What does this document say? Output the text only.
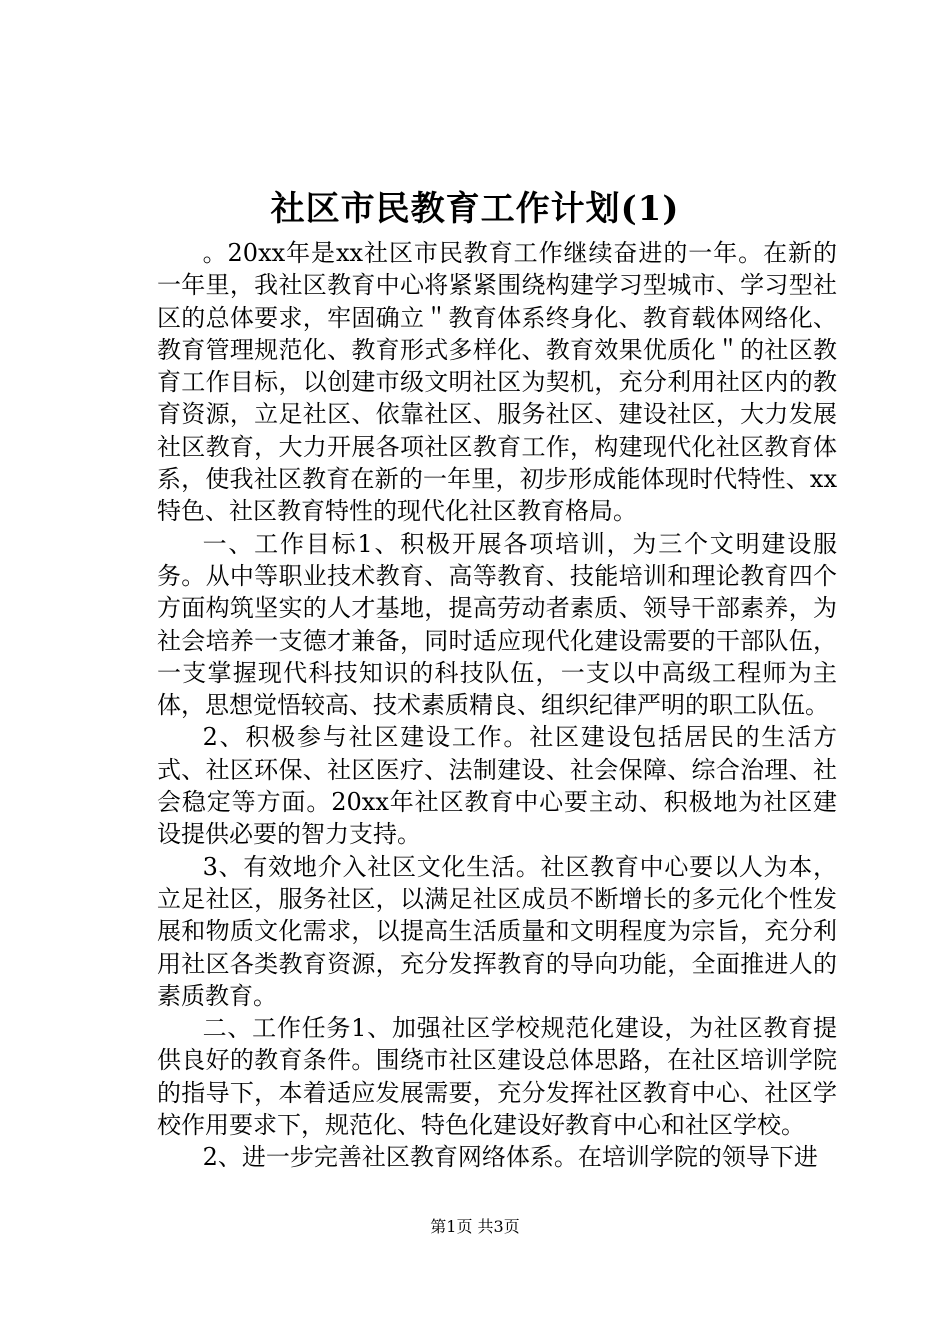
社区市民教育工作计划(1)

。20xx年是xx社区市民教育工作继续奋进的一年。在新的一年里，我社区教育中心将紧紧围绕构建学习型城市、学习型社区的总体要求，牢固确立＂教育体系终身化、教育载体网络化、教育管理规范化、教育形式多样化、教育效果优质化＂的社区教育工作目标，以创建市级文明社区为契机，充分利用社区内的教育资源，立足社区、依靠社区、服务社区、建设社区，大力发展社区教育，大力开展各项社区教育工作，构建现代化社区教育体系，使我社区教育在新的一年里，初步形成能体现时代特性、xx特色、社区教育特性的现代化社区教育格局。

一、工作目标1、积极开展各项培训，为三个文明建设服务。从中等职业技术教育、高等教育、技能培训和理论教育四个方面构筑坚实的人才基地，提高劳动者素质、领导干部素养，为社会培养一支德才兼备，同时适应现代化建设需要的干部队伍，一支掌握现代科技知识的科技队伍，一支以中高级工程师为主体，思想觉悟较高、技术素质精良、组织纪律严明的职工队伍。

2、积极参与社区建设工作。社区建设包括居民的生活方式、社区环保、社区医疗、法制建设、社会保障、综合治理、社会稳定等方面。20xx年社区教育中心要主动、积极地为社区建设提供必要的智力支持。

3、有效地介入社区文化生活。社区教育中心要以人为本，立足社区，服务社区，以满足社区成员不断增长的多元化个性发展和物质文化需求，以提高生活质量和文明程度为宗旨，充分利用社区各类教育资源，充分发挥教育的导向功能，全面推进人的素质教育。

二、工作任务1、加强社区学校规范化建设，为社区教育提供良好的教育条件。围绕市社区建设总体思路，在社区培训学院的指导下，本着适应发展需要，充分发挥社区教育中心、社区学校作用要求下，规范化、特色化建设好教育中心和社区学校。

2、进一步完善社区教育网络体系。在培训学院的领导下进

第1页 共3页
